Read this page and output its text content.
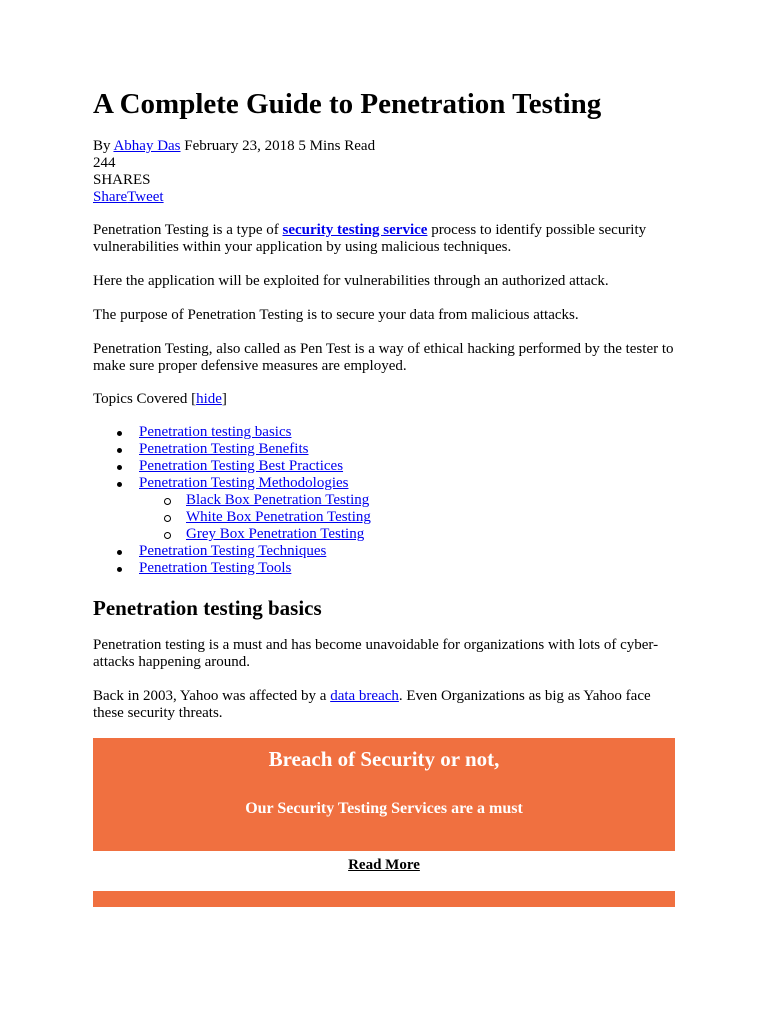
A Complete Guide to Penetration Testing
By Abhay Das February 23, 2018 5 Mins Read
244
SHARES
ShareTweet
Penetration Testing is a type of security testing service process to identify possible security vulnerabilities within your application by using malicious techniques.
Here the application will be exploited for vulnerabilities through an authorized attack.
The purpose of Penetration Testing is to secure your data from malicious attacks.
Penetration Testing, also called as Pen Test is a way of ethical hacking performed by the tester to make sure proper defensive measures are employed.
Topics Covered [hide]
Penetration testing basics
Penetration Testing Benefits
Penetration Testing Best Practices
Penetration Testing Methodologies
Black Box Penetration Testing
White Box Penetration Testing
Grey Box Penetration Testing
Penetration Testing Techniques
Penetration Testing Tools
Penetration testing basics
Penetration testing is a must and has become unavoidable for organizations with lots of cyber-attacks happening around.
Back in 2003, Yahoo was affected by a data breach. Even Organizations as big as Yahoo face these security threats.
Breach of Security or not,
Our Security Testing Services are a must
Read More
